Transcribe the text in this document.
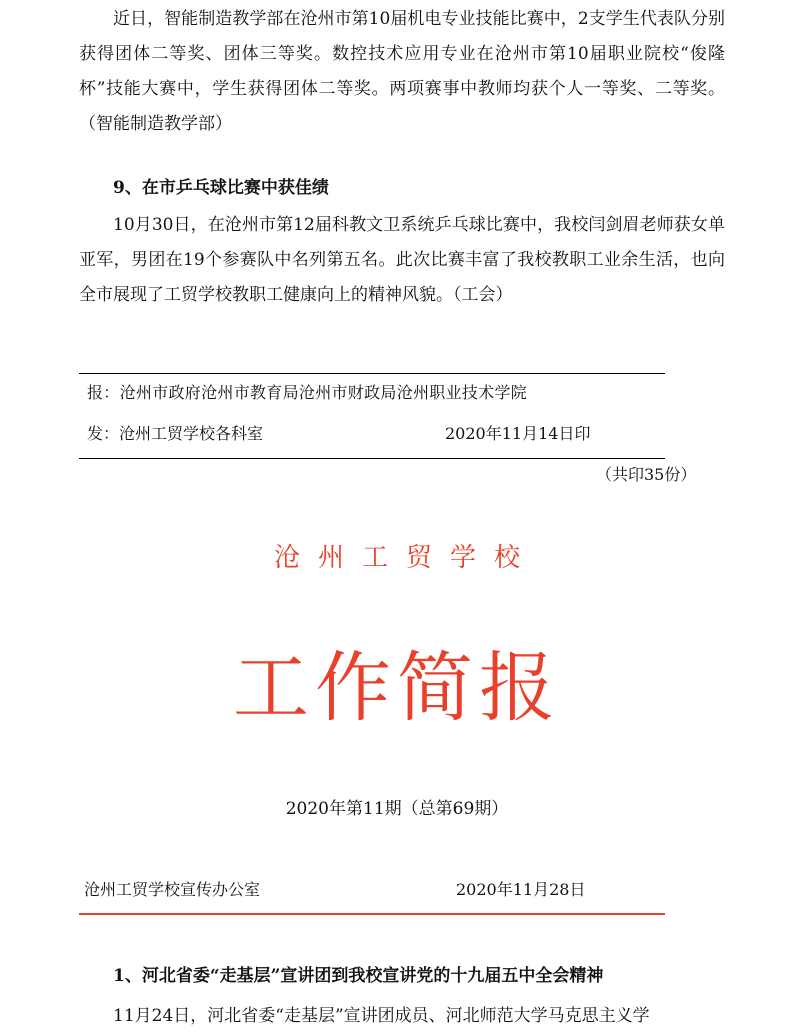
近日，智能制造教学部在沧州市第10届机电专业技能比赛中，2支学生代表队分别获得团体二等奖、团体三等奖。数控技术应用专业在沧州市第10届职业院校“俊隆杯”技能大赛中，学生获得团体二等奖。两项赛事中教师均获个人一等奖、二等奖。（智能制造教学部）

9、在市乒乓球比赛中获佳绩

10月30日，在沧州市第12届科教文卫系统乒乓球比赛中，我校闫剑眉老师获女单亚军，男团在19个参赛队中名列第五名。此次比赛丰富了我校教职工业余生活，也向全市展现了工贸学校教职工健康向上的精神风貌。（工会）

报：沧州市政府沧州市教育局沧州市财政局沧州职业技术学院
发：沧州工贸学校各科室	2020年11月14日印
（共印35份）
沧州工贸学校
工作简报
2020年第11期（总第69期）
沧州工贸学校宣传办公室	2020年11月28日

1、河北省委“走基层”宣讲团到我校宣讲党的十九届五中全会精神

11月24日，河北省委“走基层”宣讲团成员、河北师范大学马克思主义学
